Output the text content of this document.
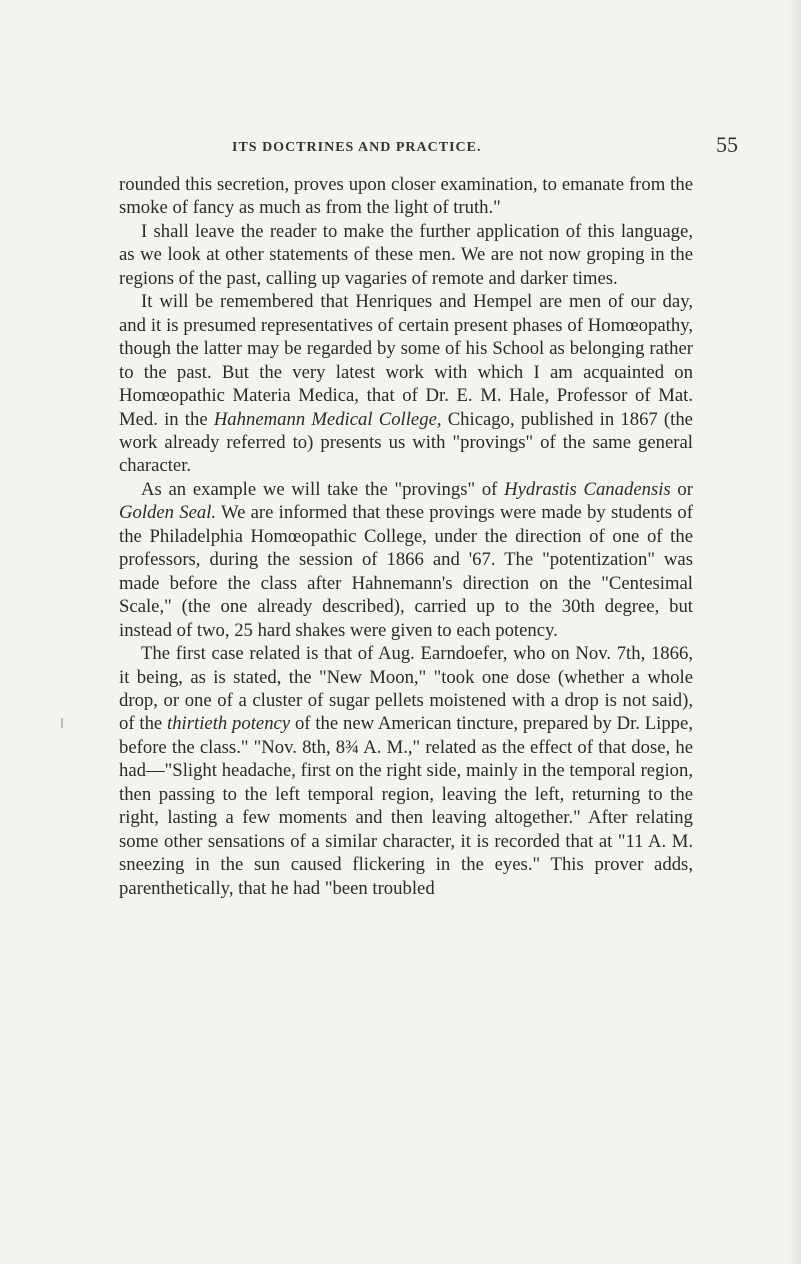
ITS DOCTRINES AND PRACTICE.	55

rounded this secretion, proves upon closer examination, to emanate from the smoke of fancy as much as from the light of truth."

I shall leave the reader to make the further application of this language, as we look at other statements of these men. We are not now groping in the regions of the past, calling up vagaries of remote and darker times.

It will be remembered that Henriques and Hempel are men of our day, and it is presumed representatives of certain present phases of Homœopathy, though the latter may be regarded by some of his School as belonging rather to the past. But the very latest work with which I am acquainted on Homœopathic Materia Medica, that of Dr. E. M. Hale, Professor of Mat. Med. in the Hahnemann Medical College, Chicago, published in 1867 (the work already referred to) presents us with "provings" of the same general character.

As an example we will take the "provings" of Hydrastis Canadensis or Golden Seal. We are informed that these provings were made by students of the Philadelphia Homœopathic College, under the direction of one of the professors, during the session of 1866 and '67. The "potentization" was made before the class after Hahnemann's direction on the "Centesimal Scale," (the one already described), carried up to the 30th degree, but instead of two, 25 hard shakes were given to each potency.

The first case related is that of Aug. Earndoefer, who on Nov. 7th, 1866, it being, as is stated, the "New Moon," "took one dose (whether a whole drop, or one of a cluster of sugar pellets moistened with a drop is not said), of the thirtieth potency of the new American tincture, prepared by Dr. Lippe, before the class." "Nov. 8th, 8¾ A. M.," related as the effect of that dose, he had—"Slight headache, first on the right side, mainly in the temporal region, then passing to the left temporal region, leaving the left, returning to the right, lasting a few moments and then leaving altogether." After relating some other sensations of a similar character, it is recorded that at "11 A. M. sneezing in the sun caused flickering in the eyes." This prover adds, parenthetically, that he had "been troubled
